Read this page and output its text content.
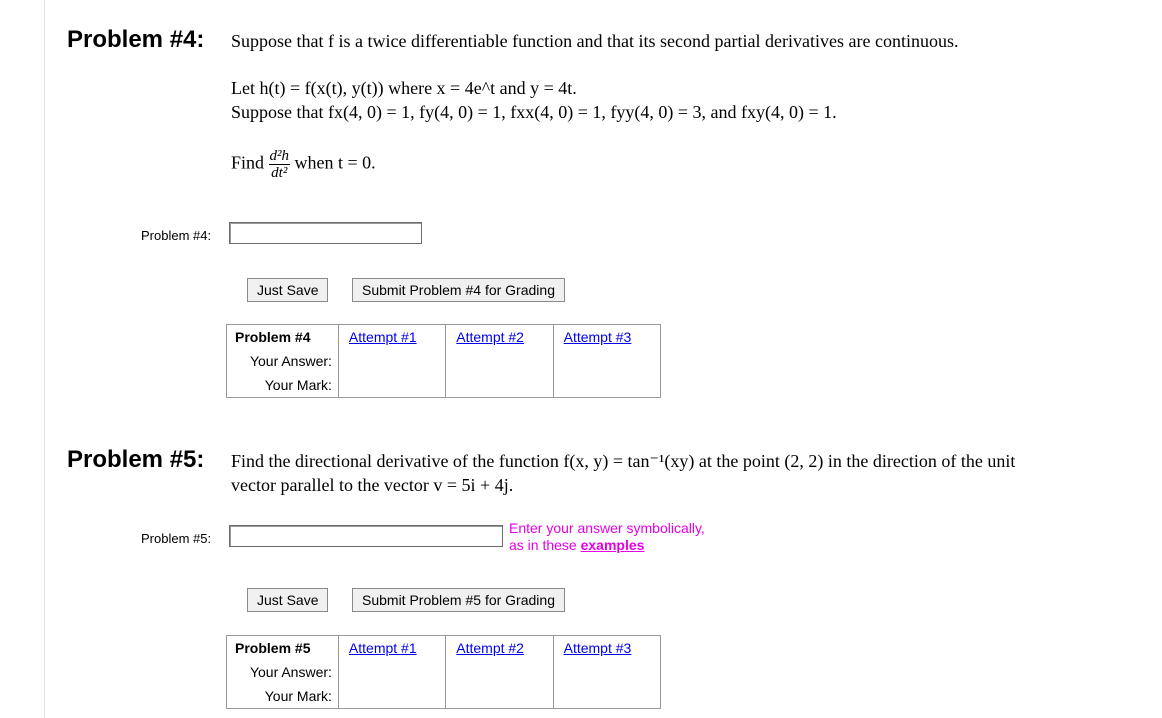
Problem #4: Suppose that f is a twice differentiable function and that its second partial derivatives are continuous.
Let h(t) = f(x(t), y(t)) where x = 4e^t and y = 4t.
Suppose that fx(4, 0) = 1, fy(4, 0) = 1, fxx(4, 0) = 1, fyy(4, 0) = 3, and fxy(4, 0) = 1.
Find $\frac{\text{d²h}}{\text{dt²}}$ when t = 0.
Problem #4:
Just Save	Submit Problem #4 for Grading
Problem #4	Attempt #1	Attempt #2	Attempt #3
Your Answer:			
Your Mark:			
Problem #5: Find the directional derivative of the function f(x, y) = tan⁻¹(xy) at the point (2, 2) in the direction of the unit
vector parallel to the vector v = 5i + 4j.
Problem #5:
Enter your answer symbolically,
as in these examples
Just Save	Submit Problem #5 for Grading
Problem #5	Attempt #1	Attempt #2	Attempt #3
Your Answer:			
Your Mark:			
